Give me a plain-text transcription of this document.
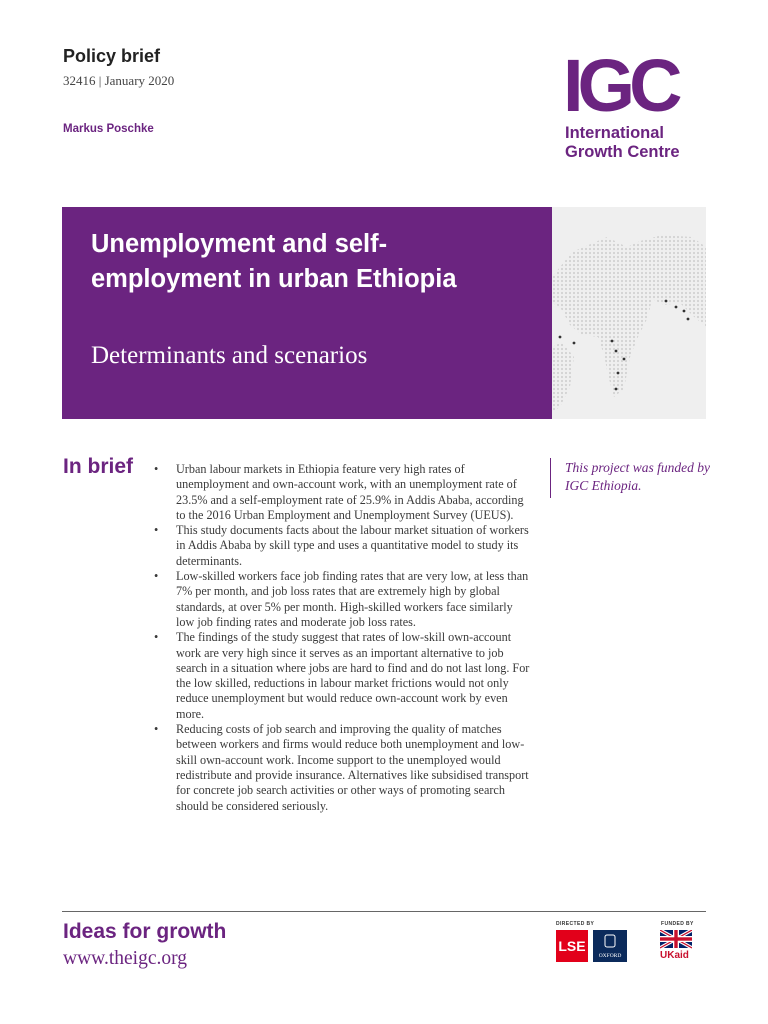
Policy brief
32416 | January 2020
Markus Poschke
IGC
International
Growth Centre
Unemployment and self-employment in urban Ethiopia
Determinants and scenarios
In brief • Urban labour markets in Ethiopia feature very high rates of unemployment and own-account work, with an unemployment rate of 23.5% and a self-employment rate of 25.9% in Addis Ababa, according to the 2016 Urban Employment and Unemployment Survey (UEUS).
• This study documents facts about the labour market situation of workers in Addis Ababa by skill type and uses a quantitative model to study its determinants.
• Low-skilled workers face job finding rates that are very low, at less than 7% per month, and job loss rates that are extremely high by global standards, at over 5% per month. High-skilled workers face similarly low job finding rates and moderate job loss rates.
• The findings of the study suggest that rates of low-skill own-account work are very high since it serves as an important alternative to job search in a situation where jobs are hard to find and do not last long. For the low skilled, reductions in labour market frictions would not only reduce unemployment but would reduce own-account work by even more.
• Reducing costs of job search and improving the quality of matches between workers and firms would reduce both unemployment and low-skill own-account work. Income support to the unemployed would redistribute and provide insurance. Alternatives like subsidised transport for concrete job search activities or other ways of promoting search should be considered seriously.
This project was funded by IGC Ethiopia.
Ideas for growth
www.theigc.org
DIRECTED BY	FUNDED BY
LSE
OXFORD	UKaid
